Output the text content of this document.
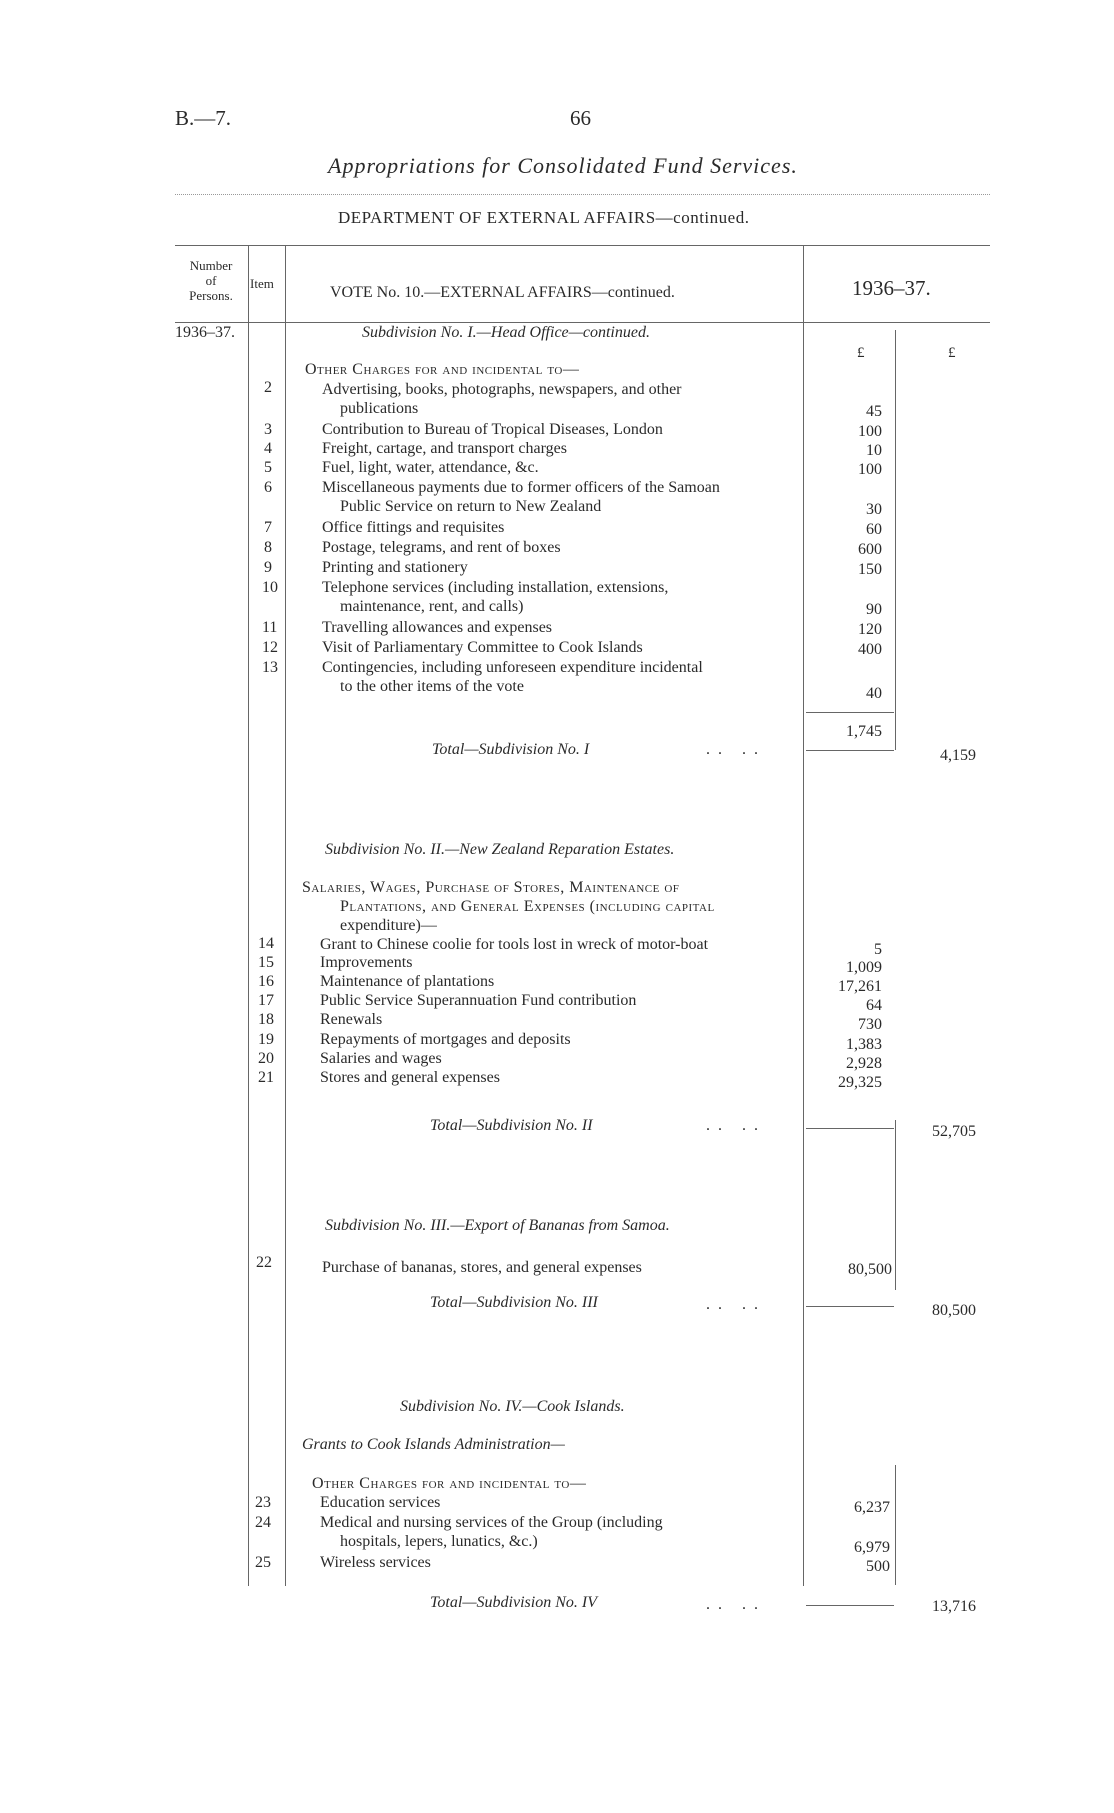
B.—7.	66
Appropriations for Consolidated Fund Services.
DEPARTMENT OF EXTERNAL AFFAIRS—continued.
Number
of
Persons.
Item
VOTE No. 10.—EXTERNAL AFFAIRS—continued.	1936–37.
1936–37.
£	£
Subdivision No. I.—Head Office—continued.
Other Charges for and incidental to—
2	Advertising, books, photographs, newspapers, and other
publications	45
3	Contribution to Bureau of Tropical Diseases, London	100
4	Freight, cartage, and transport charges	10
5	Fuel, light, water, attendance, &c.	100
6	Miscellaneous payments due to former officers of the Samoan
Public Service on return to New Zealand	30
7	Office fittings and requisites	60
8	Postage, telegrams, and rent of boxes	600
9	Printing and stationery	150
10	Telephone services (including installation, extensions,
maintenance, rent, and calls)	90
11	Travelling allowances and expenses	120
12	Visit of Parliamentary Committee to Cook Islands	400
13	Contingencies, including unforeseen expenditure incidental
to the other items of the vote	40
1,745
Total—Subdivision No. I	. .   . .	4,159
Subdivision No. II.—New Zealand Reparation Estates.
Salaries, Wages, Purchase of Stores, Maintenance of
Plantations, and General Expenses (including capital
expenditure)—
14	Grant to Chinese coolie for tools lost in wreck of motor-boat	5
15	Improvements	1,009
16	Maintenance of plantations	17,261
17	Public Service Superannuation Fund contribution	64
18	Renewals	730
19	Repayments of mortgages and deposits	1,383
20	Salaries and wages	2,928
21	Stores and general expenses	29,325
Total—Subdivision No. II	. .   . .	52,705
Subdivision No. III.—Export of Bananas from Samoa.
22	Purchase of bananas, stores, and general expenses	80,500
Total—Subdivision No. III	. .   . .	80,500
Subdivision No. IV.—Cook Islands.
Grants to Cook Islands Administration—
Other Charges for and incidental to—
23	Education services	6,237
24	Medical and nursing services of the Group (including
hospitals, lepers, lunatics, &c.)	6,979
25	Wireless services	500
Total—Subdivision No. IV	. .   . .	13,716
